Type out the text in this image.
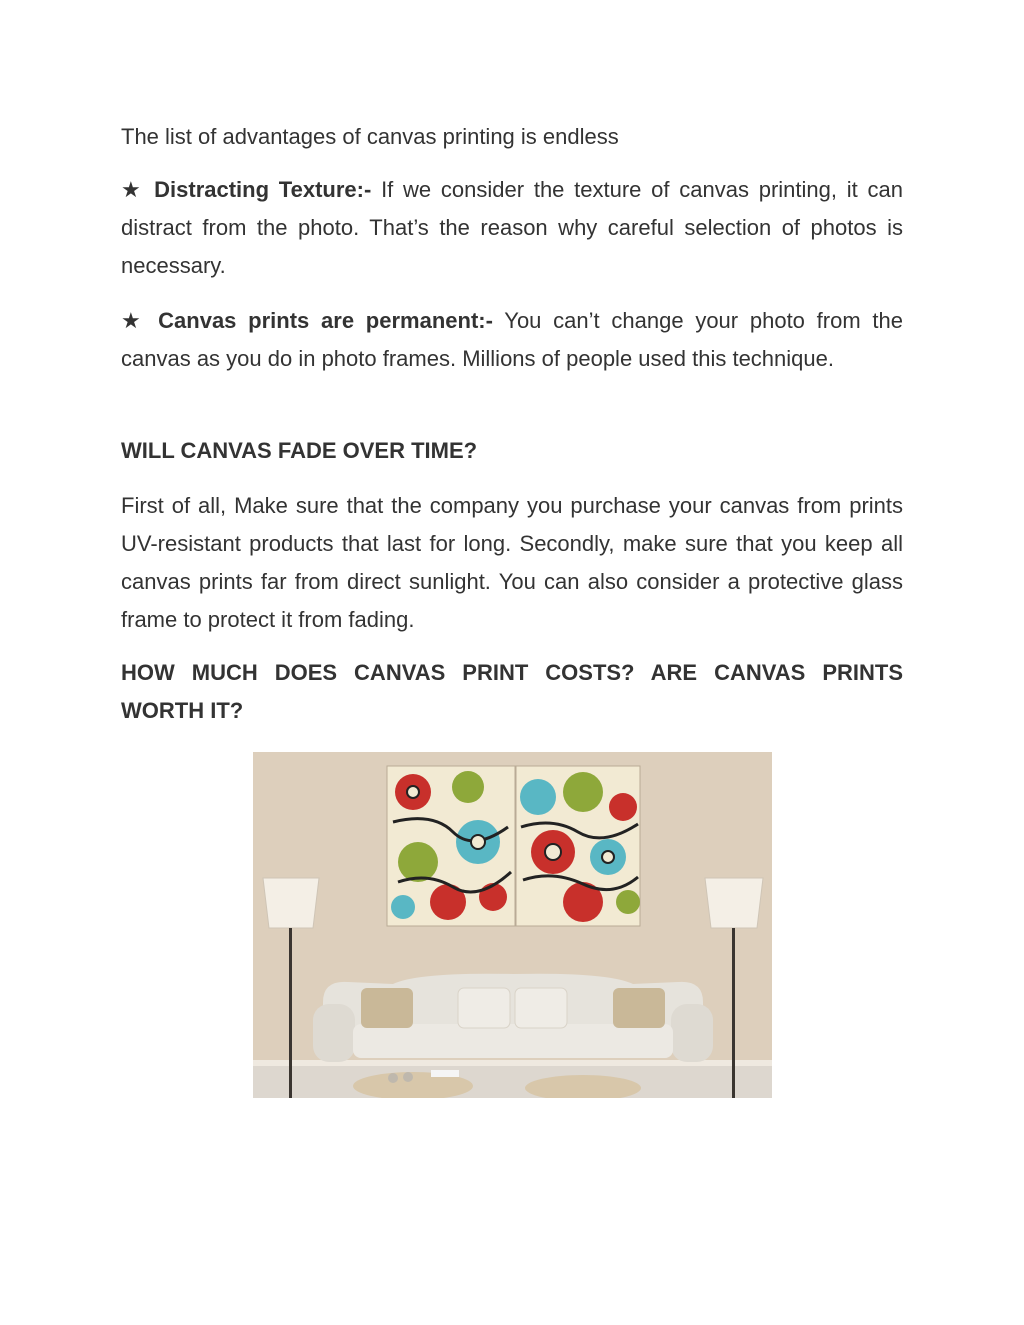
The list of advantages of canvas printing is endless

★ Distracting Texture:- If we consider the texture of canvas printing, it can distract from the photo. That’s the reason why careful selection of photos is necessary.

★ Canvas prints are permanent:- You can’t change your photo from the canvas as you do in photo frames. Millions of people used this technique.

WILL CANVAS FADE OVER TIME?

First of all, Make sure that the company you purchase your canvas from prints UV-resistant products that last for long. Secondly, make sure that you keep all canvas prints far from direct sunlight. You can also consider a protective glass frame to protect it from fading.

HOW MUCH DOES CANVAS PRINT COSTS? ARE CANVAS PRINTS WORTH IT?
